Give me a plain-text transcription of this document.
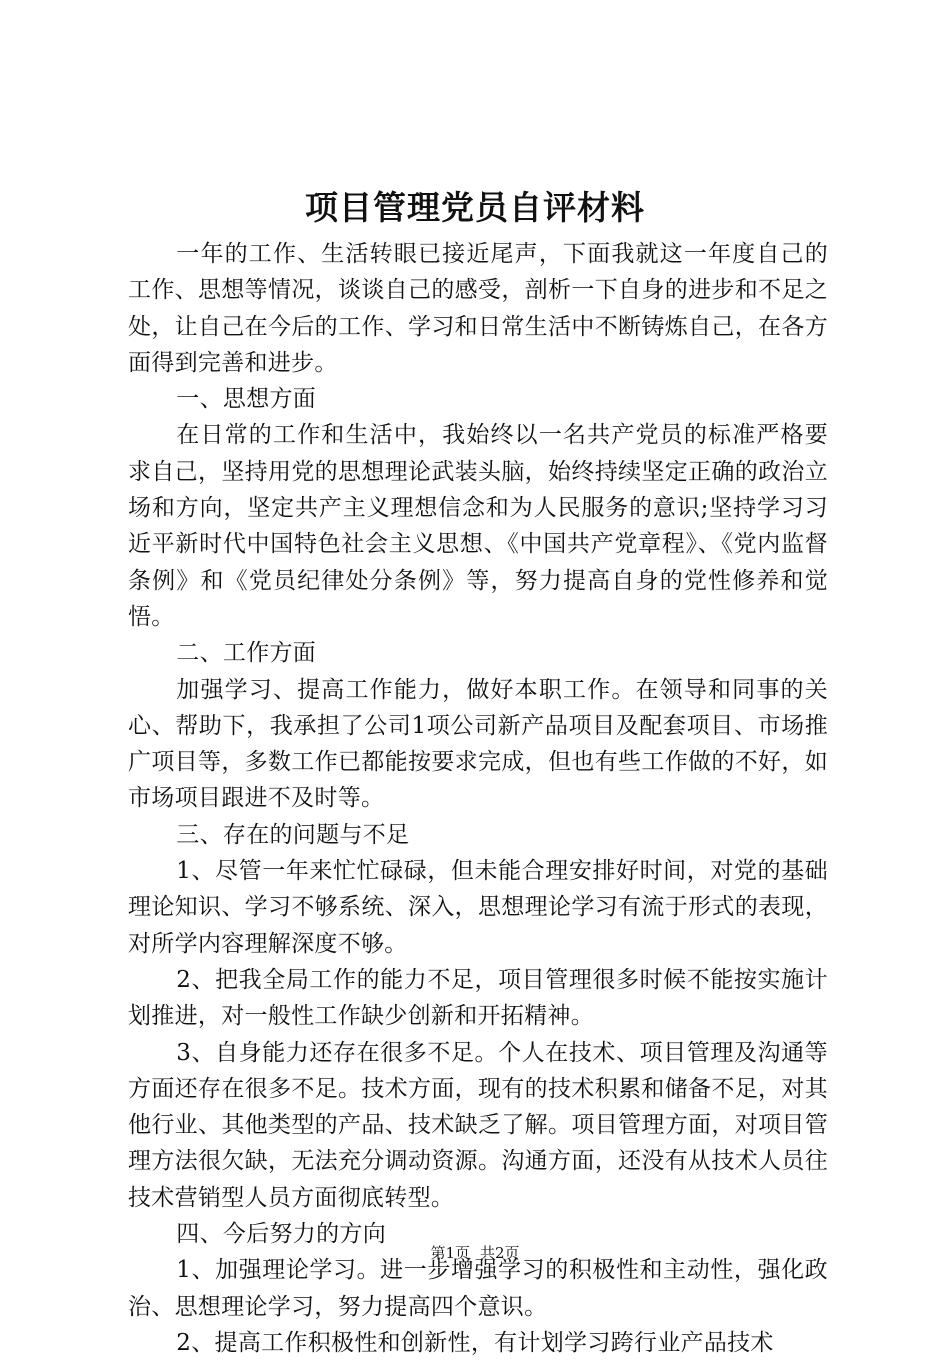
项目管理党员自评材料

一年的工作、生活转眼已接近尾声，下面我就这一年度自己的工作、思想等情况，谈谈自己的感受，剖析一下自身的进步和不足之处，让自己在今后的工作、学习和日常生活中不断铸炼自己，在各方面得到完善和进步。

一、思想方面

在日常的工作和生活中，我始终以一名共产党员的标准严格要求自己，坚持用党的思想理论武装头脑，始终持续坚定正确的政治立场和方向，坚定共产主义理想信念和为人民服务的意识;坚持学习习近平新时代中国特色社会主义思想、《中国共产党章程》、《党内监督条例》和《党员纪律处分条例》等，努力提高自身的党性修养和觉悟。

二、工作方面

加强学习、提高工作能力，做好本职工作。在领导和同事的关心、帮助下，我承担了公司1项公司新产品项目及配套项目、市场推广项目等，多数工作已都能按要求完成，但也有些工作做的不好，如市场项目跟进不及时等。

三、存在的问题与不足

1、尽管一年来忙忙碌碌，但未能合理安排好时间，对党的基础理论知识、学习不够系统、深入，思想理论学习有流于形式的表现，对所学内容理解深度不够。

2、把我全局工作的能力不足，项目管理很多时候不能按实施计划推进，对一般性工作缺少创新和开拓精神。

3、自身能力还存在很多不足。个人在技术、项目管理及沟通等方面还存在很多不足。技术方面，现有的技术积累和储备不足，对其他行业、其他类型的产品、技术缺乏了解。项目管理方面，对项目管理方法很欠缺，无法充分调动资源。沟通方面，还没有从技术人员往技术营销型人员方面彻底转型。

四、今后努力的方向

1、加强理论学习。进一步增强学习的积极性和主动性，强化政治、思想理论学习，努力提高四个意识。

2、提高工作积极性和创新性，有计划学习跨行业产品技术

第1页 共2页
